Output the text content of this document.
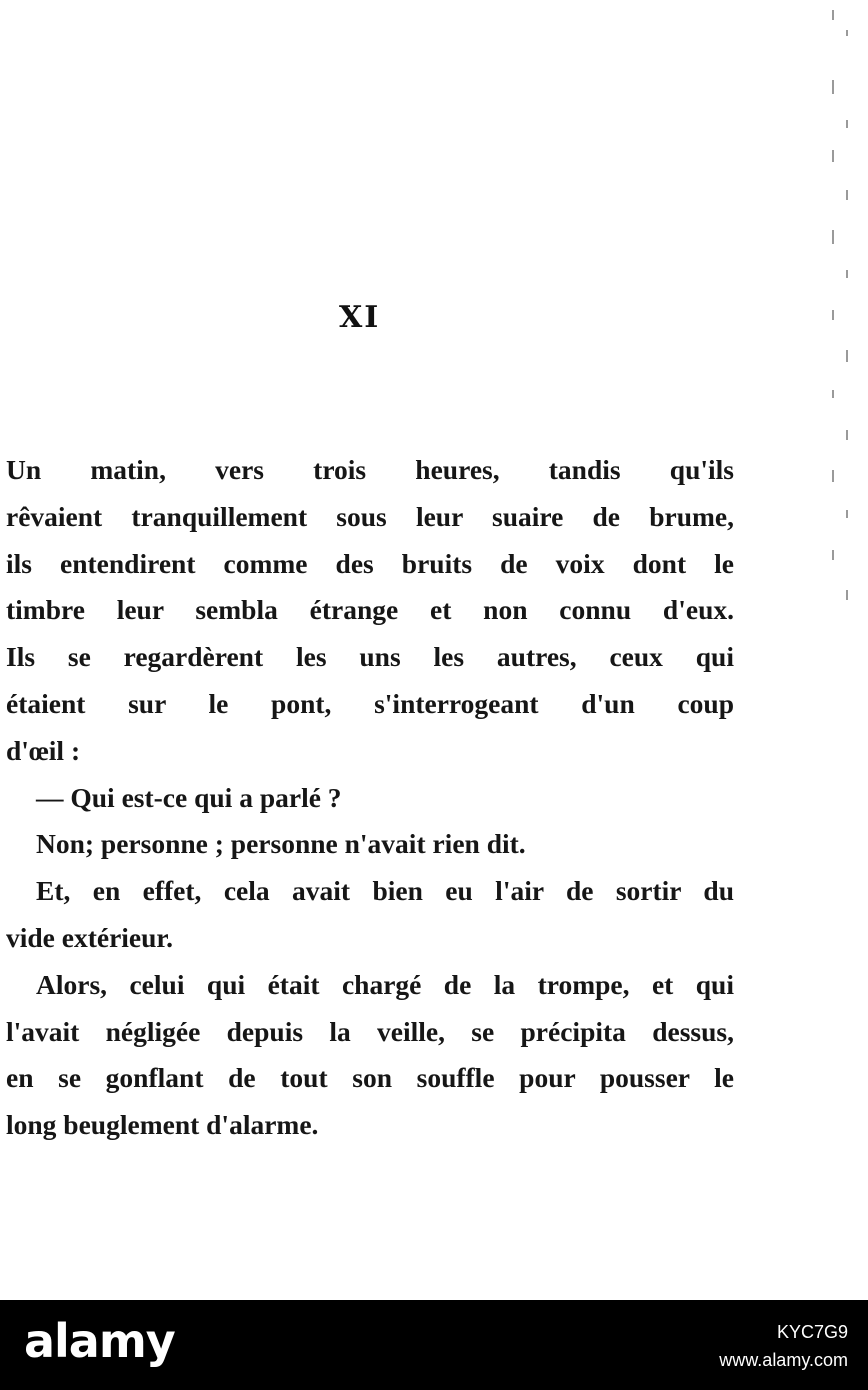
XI
Un matin, vers trois heures, tandis qu'ils
rêvaient tranquillement sous leur suaire de brume,
ils entendirent comme des bruits de voix dont le
timbre leur sembla étrange et non connu d'eux.
Ils se regardèrent les uns les autres, ceux qui
étaient sur le pont, s'interrogeant d'un coup
d'œil :
— Qui est-ce qui a parlé ?
Non; personne ; personne n'avait rien dit.
Et, en effet, cela avait bien eu l'air de sortir du
vide extérieur.
Alors, celui qui était chargé de la trompe, et qui
l'avait négligée depuis la veille, se précipita dessus,
en se gonflant de tout son souffle pour pousser le
long beuglement d'alarme.
alamy	KYC7G9
www.alamy.com
